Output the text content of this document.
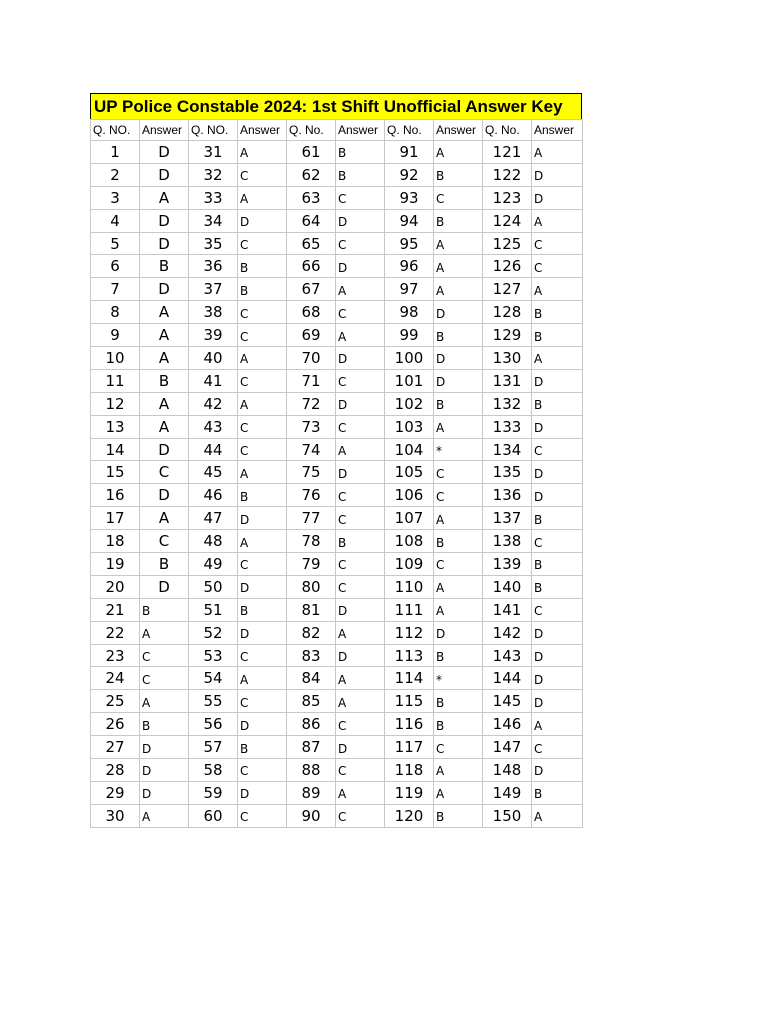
UP Police Constable 2024: 1st Shift Unofficial Answer Key
Q. NO.	Answer	Q. NO.	Answer	Q. No.	Answer	Q. No.	Answer	Q. No.	Answer
1	D	31	A	61	B	91	A	121	A
2	D	32	C	62	B	92	B	122	D
3	A	33	A	63	C	93	C	123	D
4	D	34	D	64	D	94	B	124	A
5	D	35	C	65	C	95	A	125	C
6	B	36	B	66	D	96	A	126	C
7	D	37	B	67	A	97	A	127	A
8	A	38	C	68	C	98	D	128	B
9	A	39	C	69	A	99	B	129	B
10	A	40	A	70	D	100	D	130	A
11	B	41	C	71	C	101	D	131	D
12	A	42	A	72	D	102	B	132	B
13	A	43	C	73	C	103	A	133	D
14	D	44	C	74	A	104	*	134	C
15	C	45	A	75	D	105	C	135	D
16	D	46	B	76	C	106	C	136	D
17	A	47	D	77	C	107	A	137	B
18	C	48	A	78	B	108	B	138	C
19	B	49	C	79	C	109	C	139	B
20	D	50	D	80	C	110	A	140	B
21	B	51	B	81	D	111	A	141	C
22	A	52	D	82	A	112	D	142	D
23	C	53	C	83	D	113	B	143	D
24	C	54	A	84	A	114	*	144	D
25	A	55	C	85	A	115	B	145	D
26	B	56	D	86	C	116	B	146	A
27	D	57	B	87	D	117	C	147	C
28	D	58	C	88	C	118	A	148	D
29	D	59	D	89	A	119	A	149	B
30	A	60	C	90	C	120	B	150	A
